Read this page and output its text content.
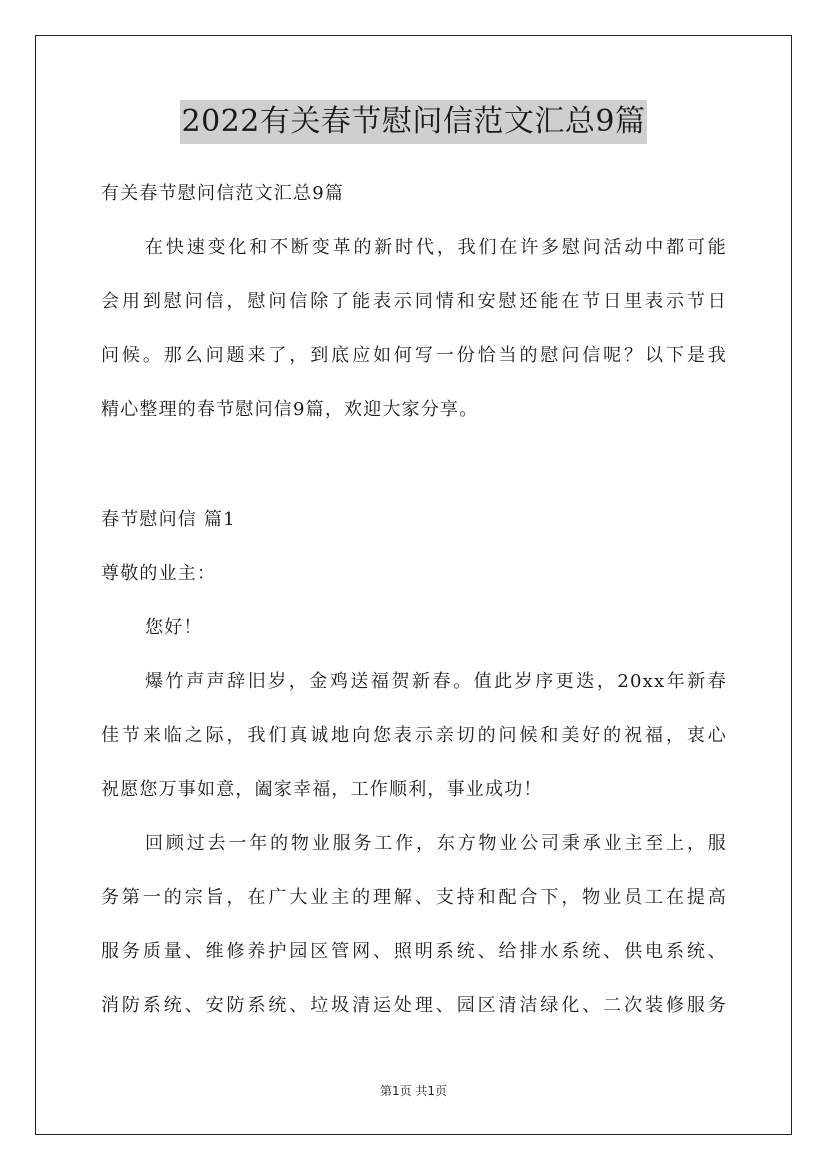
2022有关春节慰问信范文汇总9篇
有关春节慰问信范文汇总9篇
在快速变化和不断变革的新时代，我们在许多慰问活动中都可能
会用到慰问信，慰问信除了能表示同情和安慰还能在节日里表示节日
问候。那么问题来了，到底应如何写一份恰当的慰问信呢？以下是我
精心整理的春节慰问信9篇，欢迎大家分享。
春节慰问信 篇1
尊敬的业主：
您好！
爆竹声声辞旧岁，金鸡送福贺新春。值此岁序更迭，20xx年新春
佳节来临之际，我们真诚地向您表示亲切的问候和美好的祝福，衷心
祝愿您万事如意，阖家幸福，工作顺利，事业成功！
回顾过去一年的物业服务工作，东方物业公司秉承业主至上，服
务第一的宗旨，在广大业主的理解、支持和配合下，物业员工在提高
服务质量、维修养护园区管网、照明系统、给排水系统、供电系统、
消防系统、安防系统、垃圾清运处理、园区清洁绿化、二次装修服务
第1页 共1页
